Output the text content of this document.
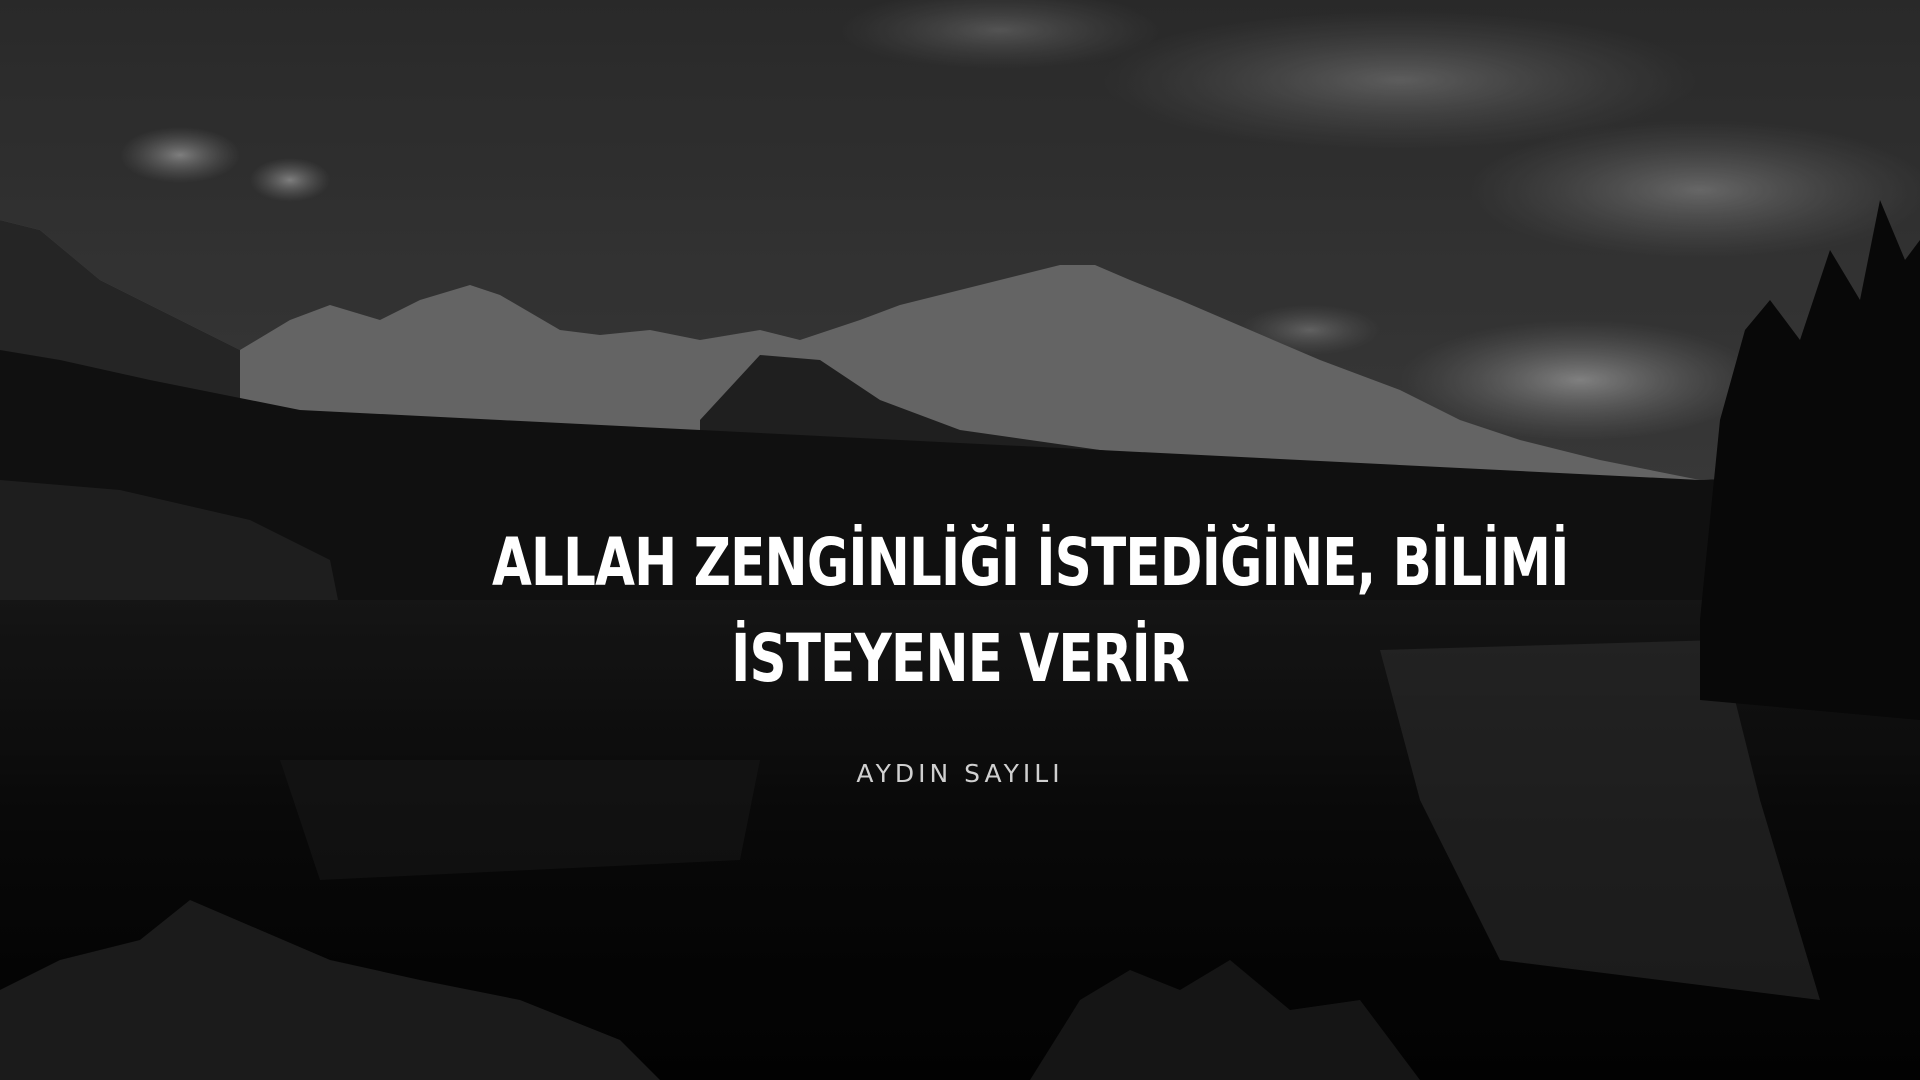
ALLAH ZENGİNLİĞİ İSTEDİĞİNE, BİLİMİ

İSTEYENE VERİR

AYDIN SAYILI
